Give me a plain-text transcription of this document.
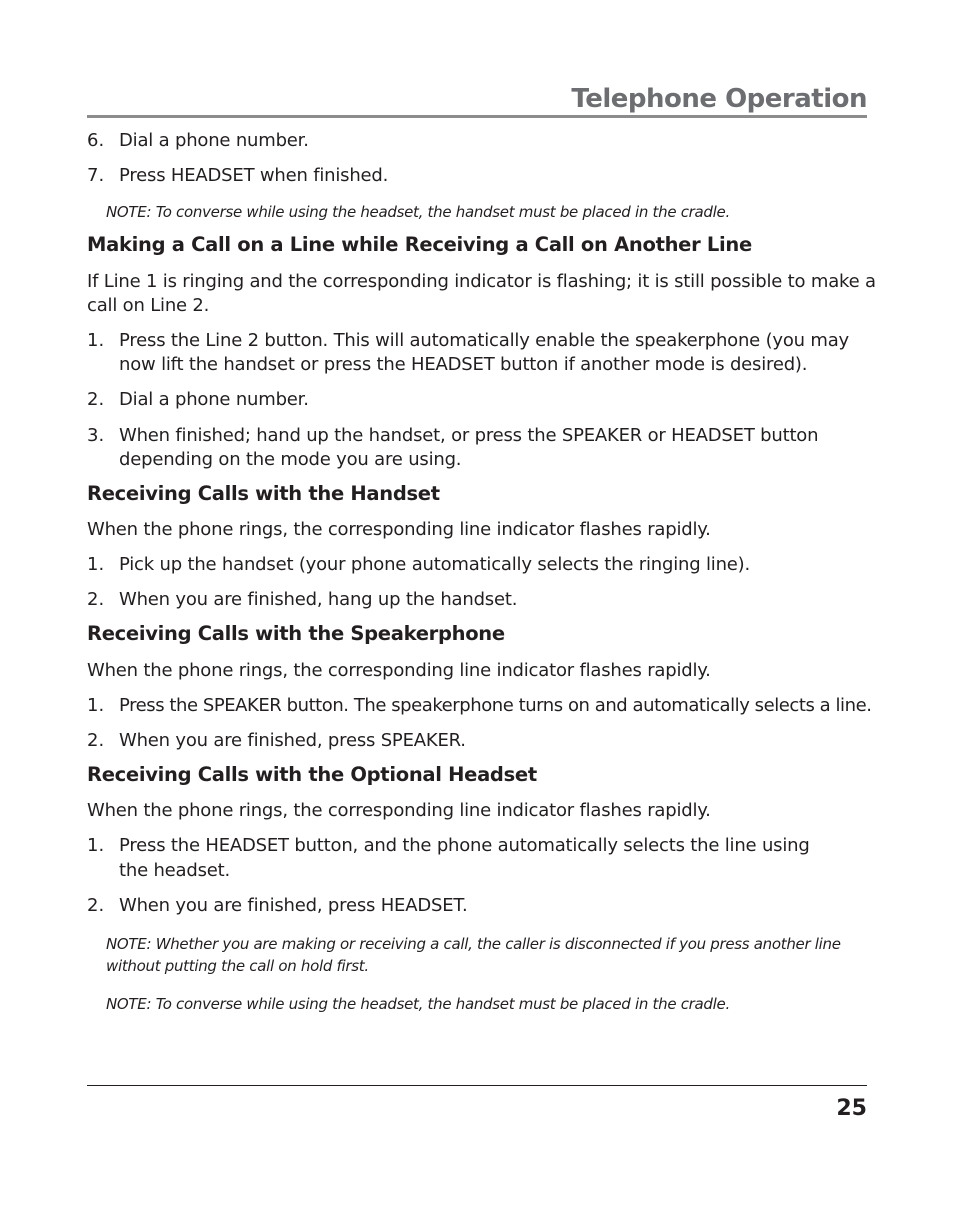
Telephone Operation
6. Dial a phone number.
7. Press HEADSET when finished.
NOTE: To converse while using the headset, the handset must be placed in the cradle.
Making a Call on a Line while Receiving a Call on Another Line
If Line 1 is ringing and the corresponding indicator is flashing; it is still possible to make a
call on Line 2.
1. Press the Line 2 button. This will automatically enable the speakerphone (you may
now lift the handset or press the HEADSET button if another mode is desired).
2. Dial a phone number.
3. When finished; hand up the handset, or press the SPEAKER or HEADSET button
depending on the mode you are using.
Receiving Calls with the Handset
When the phone rings, the corresponding line indicator flashes rapidly.
1. Pick up the handset (your phone automatically selects the ringing line).
2. When you are finished, hang up the handset.
Receiving Calls with the Speakerphone
When the phone rings, the corresponding line indicator flashes rapidly.
1. Press the SPEAKER button. The speakerphone turns on and automatically selects a line.
2. When you are finished, press SPEAKER.
Receiving Calls with the Optional Headset
When the phone rings, the corresponding line indicator flashes rapidly.
1. Press the HEADSET button, and the phone automatically selects the line using
the headset.
2. When you are finished, press HEADSET.
NOTE: Whether you are making or receiving a call, the caller is disconnected if you press another line
without putting the call on hold first.
NOTE: To converse while using the headset, the handset must be placed in the cradle.
25
